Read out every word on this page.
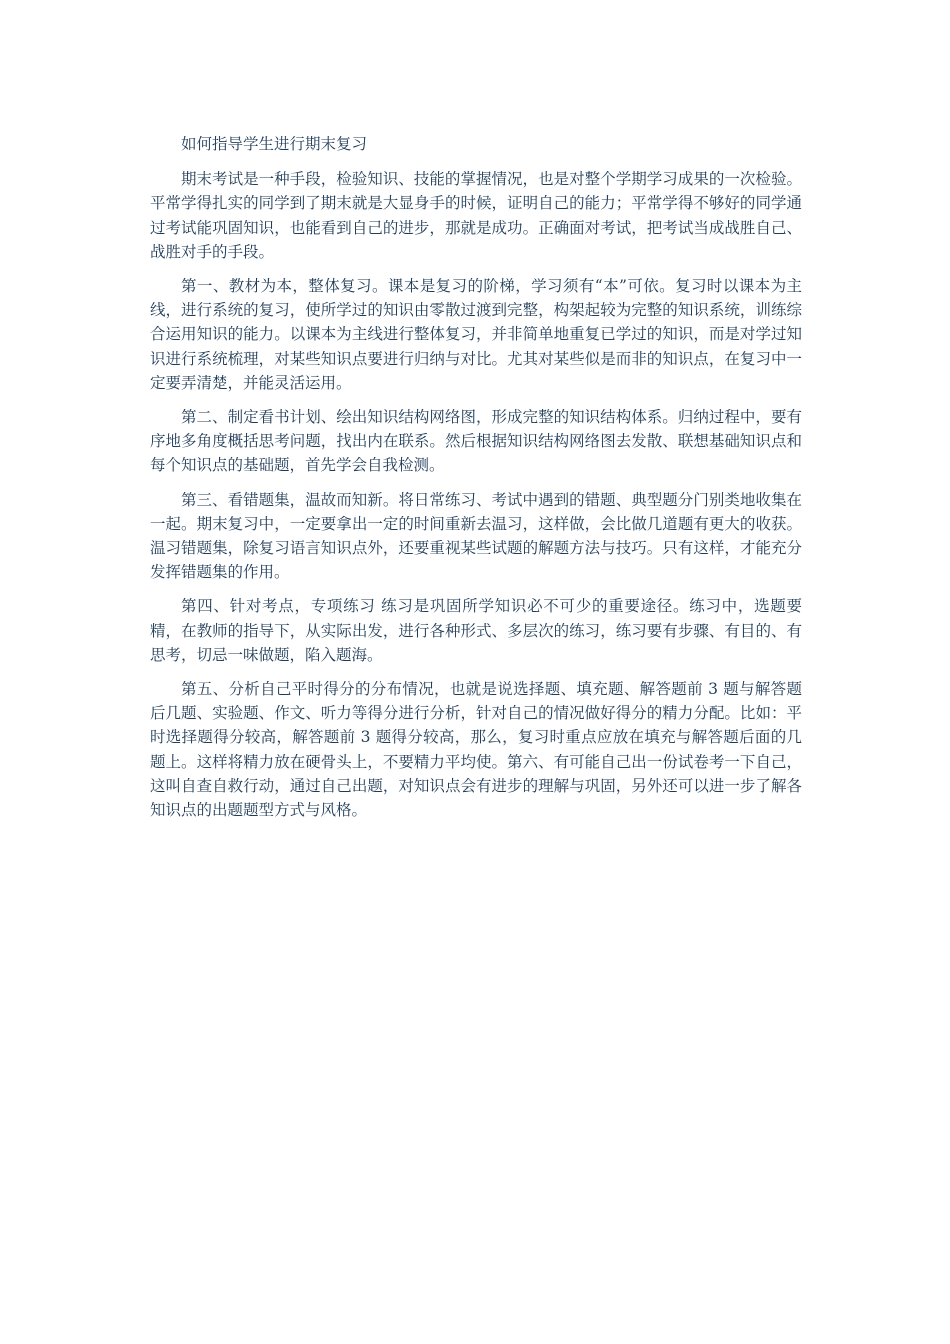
如何指导学生进行期末复习

期末考试是一种手段，检验知识、技能的掌握情况，也是对整个学期学习成果的一次检验。平常学得扎实的同学到了期末就是大显身手的时候，证明自己的能力；平常学得不够好的同学通过考试能巩固知识，也能看到自己的进步，那就是成功。正确面对考试，把考试当成战胜自己、战胜对手的手段。

第一、教材为本，整体复习。课本是复习的阶梯，学习须有“本”可依。复习时以课本为主线，进行系统的复习，使所学过的知识由零散过渡到完整，构架起较为完整的知识系统，训练综合运用知识的能力。以课本为主线进行整体复习，并非简单地重复已学过的知识，而是对学过知识进行系统梳理，对某些知识点要进行归纳与对比。尤其对某些似是而非的知识点，在复习中一定要弄清楚，并能灵活运用。

第二、制定看书计划、绘出知识结构网络图，形成完整的知识结构体系。归纳过程中，要有序地多角度概括思考问题，找出内在联系。然后根据知识结构网络图去发散、联想基础知识点和每个知识点的基础题，首先学会自我检测。

第三、看错题集，温故而知新。将日常练习、考试中遇到的错题、典型题分门别类地收集在一起。期末复习中，一定要拿出一定的时间重新去温习，这样做，会比做几道题有更大的收获。温习错题集，除复习语言知识点外，还要重视某些试题的解题方法与技巧。只有这样，才能充分发挥错题集的作用。

第四、针对考点，专项练习 练习是巩固所学知识必不可少的重要途径。练习中，选题要精，在教师的指导下，从实际出发，进行各种形式、多层次的练习，练习要有步骤、有目的、有思考，切忌一味做题，陷入题海。

第五、分析自己平时得分的分布情况，也就是说选择题、填充题、解答题前 3 题与解答题后几题、实验题、作文、听力等得分进行分析，针对自己的情况做好得分的精力分配。比如：平时选择题得分较高，解答题前 3 题得分较高，那么，复习时重点应放在填充与解答题后面的几题上。这样将精力放在硬骨头上，不要精力平均使。第六、有可能自己出一份试卷考一下自己，这叫自查自救行动，通过自己出题，对知识点会有进步的理解与巩固，另外还可以进一步了解各知识点的出题题型方式与风格。
